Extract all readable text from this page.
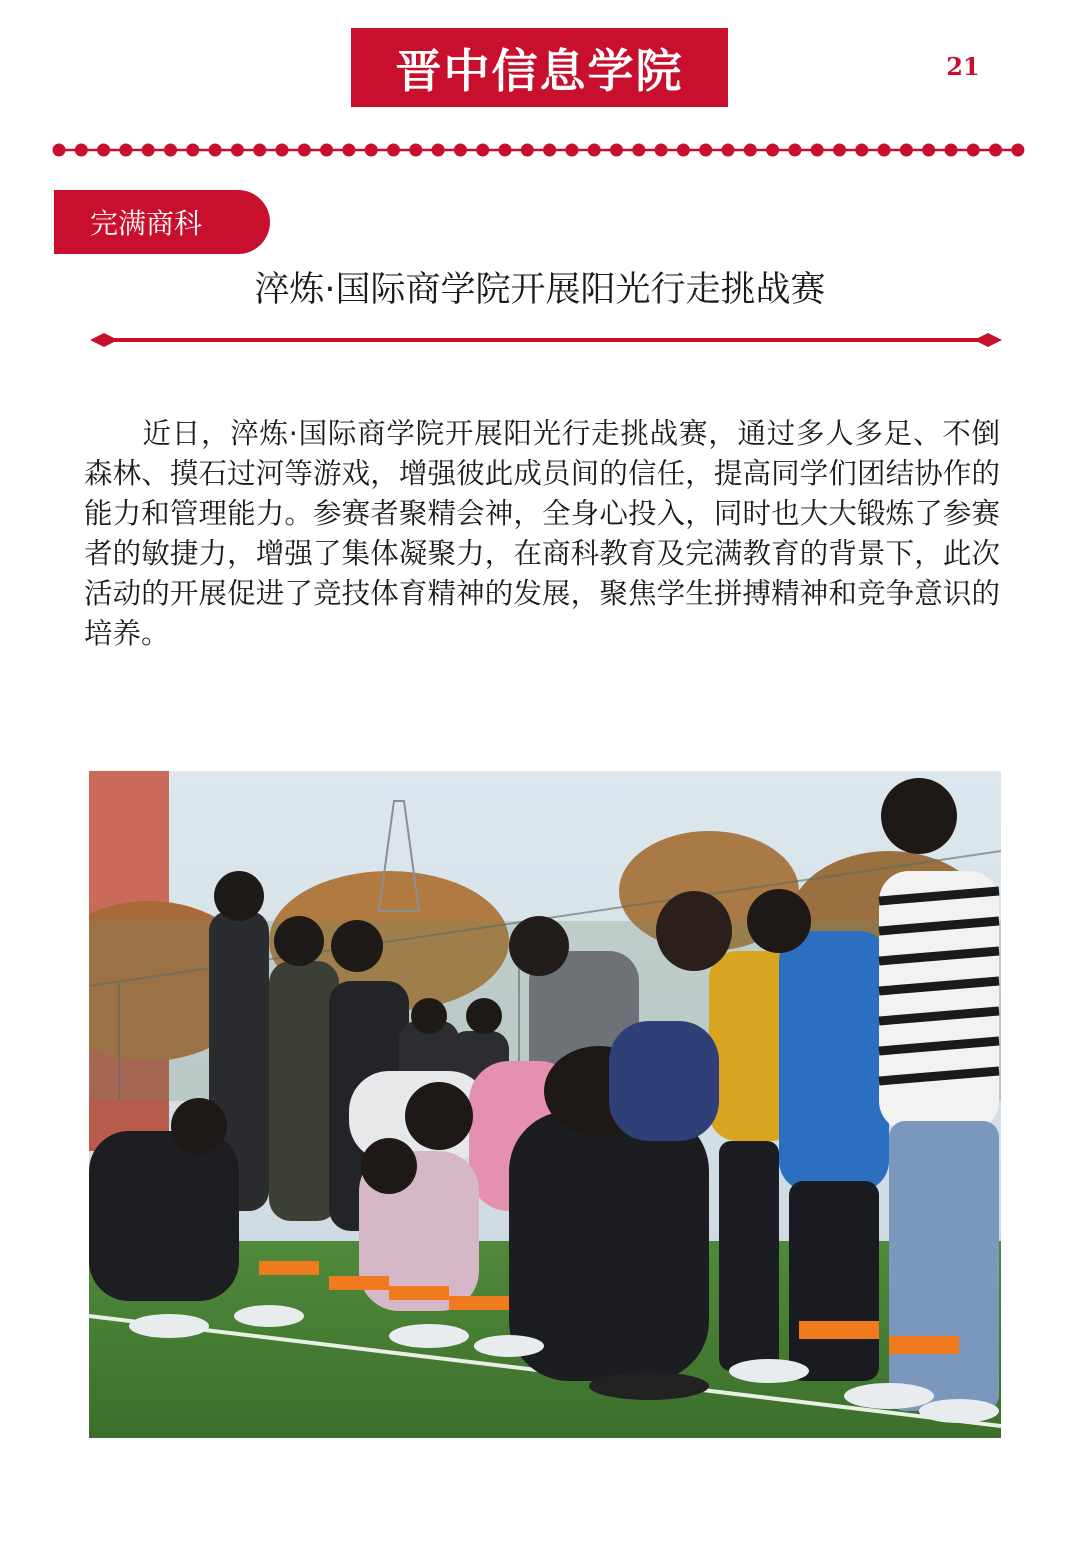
晋中信息学院	21
完满商科
淬炼·国际商学院开展阳光行走挑战赛

　　近日，淬炼·国际商学院开展阳光行走挑战赛，通过多人多足、不倒森林、摸石过河等游戏，增强彼此成员间的信任，提高同学们团结协作的能力和管理能力。参赛者聚精会神，全身心投入，同时也大大锻炼了参赛者的敏捷力，增强了集体凝聚力，在商科教育及完满教育的背景下，此次活动的开展促进了竞技体育精神的发展，聚焦学生拼搏精神和竞争意识的培养。
